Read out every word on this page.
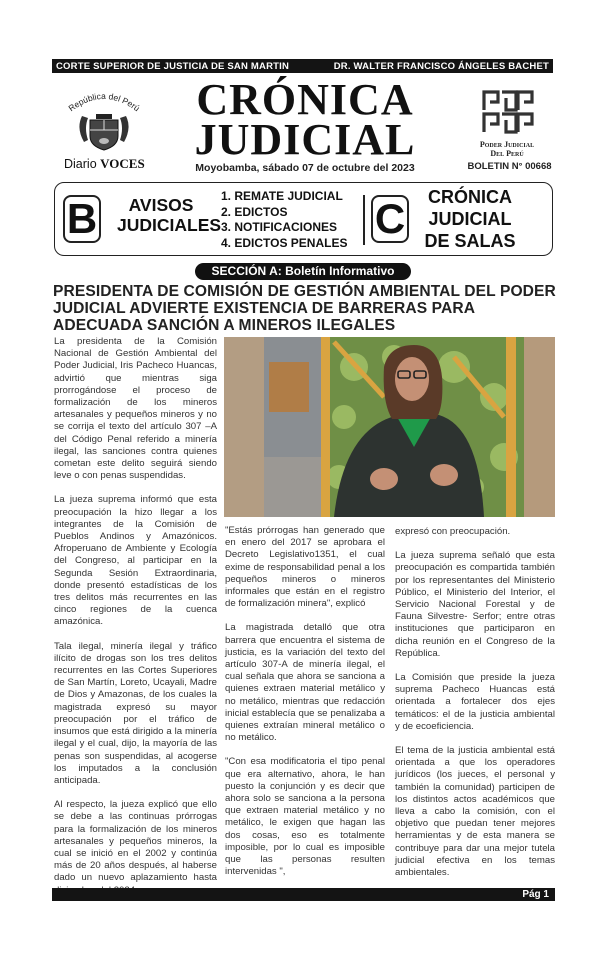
CORTE SUPERIOR DE JUSTICIA DE SAN MARTIN	DR. WALTER FRANCISCO ÁNGELES BACHET
República del Perú
Diario VOCES
CRÓNICA
JUDICIAL
Moyobamba, sábado 07 de octubre del 2023
Poder Judicial
Del Perú
BOLETIN N° 00668
B	AVISOS
JUDICIALES
1. REMATE JUDICIAL
2. EDICTOS
3. NOTIFICACIONES
4. EDICTOS PENALES
C	CRÓNICA
JUDICIAL
DE SALAS
SECCIÓN A: Boletín Informativo
PRESIDENTA DE COMISIÓN DE GESTIÓN AMBIENTAL DEL PODER JUDICIAL ADVIERTE EXISTENCIA DE BARRERAS PARA ADECUADA SANCIÓN A MINEROS ILEGALES

La presidenta de la Comisión Nacional de Gestión Ambiental del Poder Judicial, Iris Pacheco Huancas, advirtió que mientras siga prorrogándose el proceso de formalización de los mineros artesanales y pequeños mineros y no se corrija el texto del artículo 307 –A del Código Penal referido a minería ilegal, las sanciones contra quienes cometan este delito seguirá siendo leve o con penas suspendidas.

La jueza suprema informó que esta preocupación la hizo llegar a los integrantes de la Comisión de Pueblos Andinos y Amazónicos. Afroperuano de Ambiente y Ecología del Congreso, al participar en la Segunda Sesión Extraordinaria, donde presentó estadísticas de los tres delitos más recurrentes en las cinco regiones de la cuenca amazónica.

Tala ilegal, minería ilegal y tráfico ilícito de drogas son los tres delitos recurrentes en las Cortes Superiores de San Martín, Loreto, Ucayali, Madre de Dios y Amazonas, de los cuales la magistrada expresó su mayor preocupación por el tráfico de insumos que está dirigido a la minería ilegal y el cual, dijo, la mayoría de las penas son suspendidas, al acogerse los imputados a la conclusión anticipada.

Al respecto, la jueza explicó que ello se debe a las continuas prórrogas para la formalización de los mineros artesanales y pequeños mineros, la cual se inició en el 2002 y continúa más de 20 años después, al haberse dado un nuevo aplazamiento hasta

"Estás prórrogas han generado que en enero del 2017 se aprobara el Decreto Legislativo1351, el cual exime de responsabilidad penal a los pequeños mineros o mineros informales que están en el registro de formalización minera", explicó

La magistrada detalló que otra barrera que encuentra el sistema de justicia, es la variación del texto del artículo 307-A de minería ilegal, el cual señala que ahora se sanciona a quienes extraen material metálico y no metálico, mientras que redacción inicial establecía que se penalizaba a quienes extraían mineral metálico o no metálico.

"Con esa modificatoria el tipo penal que era alternativo, ahora, le han puesto la conjunción y es decir que ahora solo se sanciona a la persona que extraen material metálico y no metálico, le exigen que hagan las dos cosas, eso es totalmente imposible, por lo cual es imposible que las personas resulten intervenidas ",

expresó con preocupación.

La jueza suprema señaló que esta preocupación es compartida también por los representantes del Ministerio Público, el Ministerio del Interior, el Servicio Nacional Forestal y de Fauna Silvestre- Serfor; entre otras instituciones que participaron en dicha reunión en el Congreso de la República.

La Comisión que preside la jueza suprema Pacheco Huancas está orientada a fortalecer dos ejes temáticos: el de la justicia ambiental y de ecoeficiencia.

El tema de la justicia ambiental está orientada a que los operadores jurídicos (los jueces, el personal y también la comunidad) participen de los distintos actos académicos que lleva a cabo la comisión, con el objetivo que puedan tener mejores herramientas y de esta manera se contribuye para dar una mejor tutela judicial efectiva en los temas ambientales.

Pág 1
